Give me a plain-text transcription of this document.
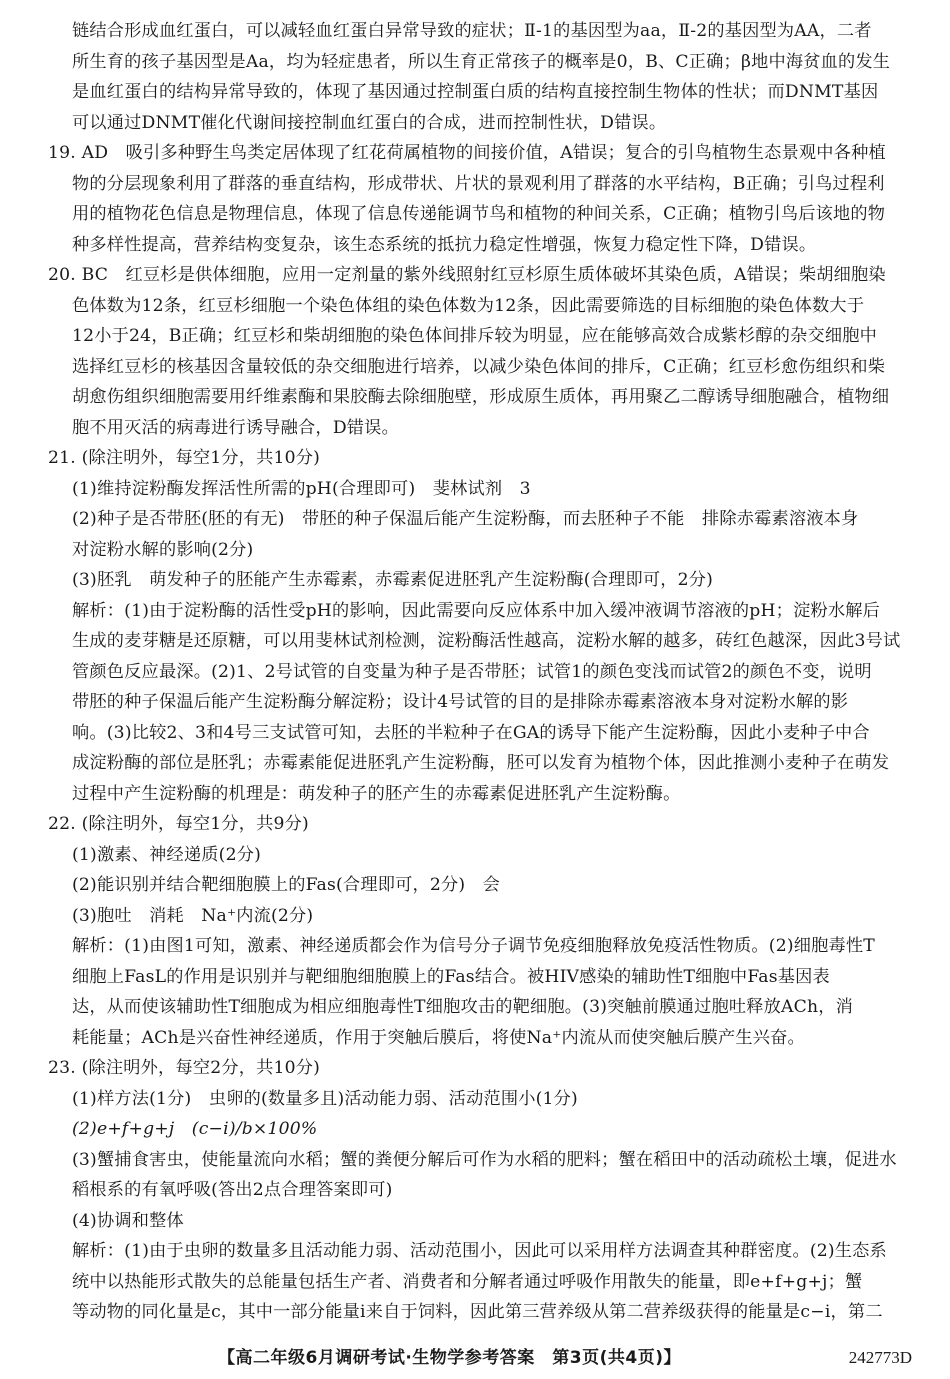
链结合形成血红蛋白，可以减轻血红蛋白异常导致的症状；Ⅱ-1的基因型为aa，Ⅱ-2的基因型为AA，二者
所生育的孩子基因型是Aa，均为轻症患者，所以生育正常孩子的概率是0，B、C正确；β地中海贫血的发生
是血红蛋白的结构异常导致的，体现了基因通过控制蛋白质的结构直接控制生物体的性状；而DNMT基因
可以通过DNMT催化代谢间接控制血红蛋白的合成，进而控制性状，D错误。
19. AD　吸引多种野生鸟类定居体现了红花荷属植物的间接价值，A错误；复合的引鸟植物生态景观中各种植
物的分层现象利用了群落的垂直结构，形成带状、片状的景观利用了群落的水平结构，B正确；引鸟过程利
用的植物花色信息是物理信息，体现了信息传递能调节鸟和植物的种间关系，C正确；植物引鸟后该地的物
种多样性提高，营养结构变复杂，该生态系统的抵抗力稳定性增强，恢复力稳定性下降，D错误。
20. BC　红豆杉是供体细胞，应用一定剂量的紫外线照射红豆杉原生质体破坏其染色质，A错误；柴胡细胞染
色体数为12条，红豆杉细胞一个染色体组的染色体数为12条，因此需要筛选的目标细胞的染色体数大于
12小于24，B正确；红豆杉和柴胡细胞的染色体间排斥较为明显，应在能够高效合成紫杉醇的杂交细胞中
选择红豆杉的核基因含量较低的杂交细胞进行培养，以减少染色体间的排斥，C正确；红豆杉愈伤组织和柴
胡愈伤组织细胞需要用纤维素酶和果胶酶去除细胞壁，形成原生质体，再用聚乙二醇诱导细胞融合，植物细
胞不用灭活的病毒进行诱导融合，D错误。
21. (除注明外，每空1分，共10分)
(1)维持淀粉酶发挥活性所需的pH(合理即可)　斐林试剂　3
(2)种子是否带胚(胚的有无)　带胚的种子保温后能产生淀粉酶，而去胚种子不能　排除赤霉素溶液本身
对淀粉水解的影响(2分)
(3)胚乳　萌发种子的胚能产生赤霉素，赤霉素促进胚乳产生淀粉酶(合理即可，2分)
解析：(1)由于淀粉酶的活性受pH的影响，因此需要向反应体系中加入缓冲液调节溶液的pH；淀粉水解后
生成的麦芽糖是还原糖，可以用斐林试剂检测，淀粉酶活性越高，淀粉水解的越多，砖红色越深，因此3号试
管颜色反应最深。(2)1、2号试管的自变量为种子是否带胚；试管1的颜色变浅而试管2的颜色不变，说明
带胚的种子保温后能产生淀粉酶分解淀粉；设计4号试管的目的是排除赤霉素溶液本身对淀粉水解的影
响。(3)比较2、3和4号三支试管可知，去胚的半粒种子在GA的诱导下能产生淀粉酶，因此小麦种子中合
成淀粉酶的部位是胚乳；赤霉素能促进胚乳产生淀粉酶，胚可以发育为植物个体，因此推测小麦种子在萌发
过程中产生淀粉酶的机理是：萌发种子的胚产生的赤霉素促进胚乳产生淀粉酶。
22. (除注明外，每空1分，共9分)
(1)激素、神经递质(2分)
(2)能识别并结合靶细胞膜上的Fas(合理即可，2分)　会
(3)胞吐　消耗　Na⁺内流(2分)
解析：(1)由图1可知，激素、神经递质都会作为信号分子调节免疫细胞释放免疫活性物质。(2)细胞毒性T
细胞上FasL的作用是识别并与靶细胞细胞膜上的Fas结合。被HIV感染的辅助性T细胞中Fas基因表
达，从而使该辅助性T细胞成为相应细胞毒性T细胞攻击的靶细胞。(3)突触前膜通过胞吐释放ACh，消
耗能量；ACh是兴奋性神经递质，作用于突触后膜后，将使Na⁺内流从而使突触后膜产生兴奋。
23. (除注明外，每空2分，共10分)
(1)样方法(1分)　虫卵的(数量多且)活动能力弱、活动范围小(1分)
(2)e+f+g+j　(c−i)/b×100%
(3)蟹捕食害虫，使能量流向水稻；蟹的粪便分解后可作为水稻的肥料；蟹在稻田中的活动疏松土壤，促进水
稻根系的有氧呼吸(答出2点合理答案即可)
(4)协调和整体
解析：(1)由于虫卵的数量多且活动能力弱、活动范围小，因此可以采用样方法调查其种群密度。(2)生态系
统中以热能形式散失的总能量包括生产者、消费者和分解者通过呼吸作用散失的能量，即e+f+g+j；蟹
等动物的同化量是c，其中一部分能量i来自于饲料，因此第三营养级从第二营养级获得的能量是c−i，第二
【高二年级6月调研考试·生物学参考答案　第3页(共4页)】	242773D
